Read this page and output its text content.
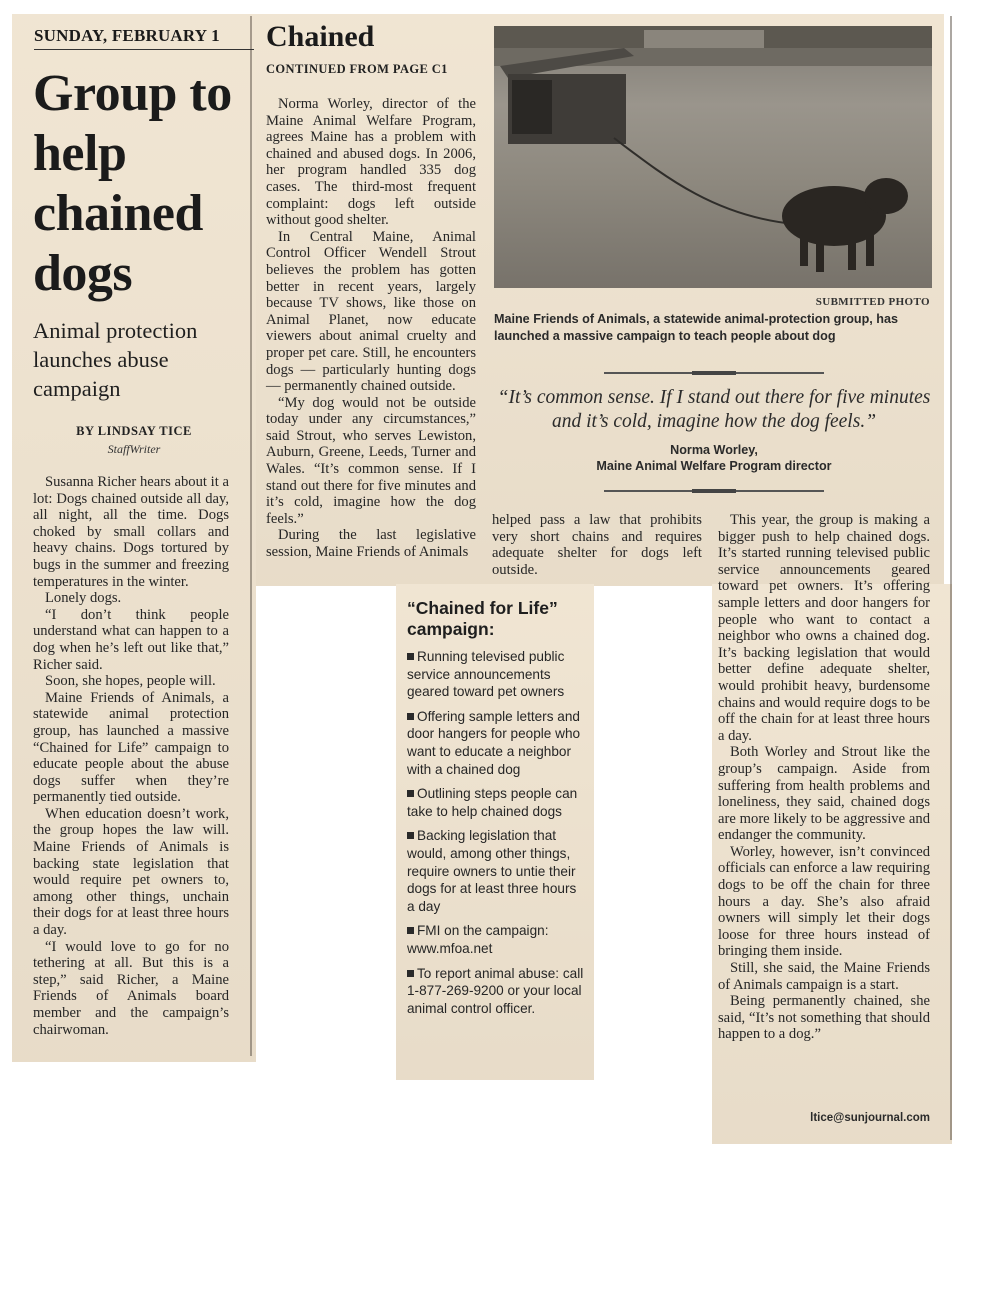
SUNDAY, FEBRUARY 1
Group to help chained dogs
Animal protection launches abuse campaign
BY LINDSAY TICE
StaffWriter

Susanna Richer hears about it a lot: Dogs chained outside all day, all night, all the time. Dogs choked by small collars and heavy chains. Dogs tortured by bugs in the summer and freezing temperatures in the winter.

Lonely dogs.

“I don’t think people understand what can happen to a dog when he’s left out like that,” Richer said.

Soon, she hopes, people will.

Maine Friends of Animals, a statewide animal protection group, has launched a massive “Chained for Life” campaign to educate people about the abuse dogs suffer when they’re permanently tied outside.

When education doesn’t work, the group hopes the law will. Maine Friends of Animals is backing state legislation that would require pet owners to, among other things, unchain their dogs for at least three hours a day.

“I would love to go for no tethering at all. But this is a step,” said Richer, a Maine Friends of Animals board member and the campaign’s chairwoman.

Chained
CONTINUED FROM PAGE C1

Norma Worley, director of the Maine Animal Welfare Program, agrees Maine has a problem with chained and abused dogs. In 2006, her program handled 335 dog cases. The third-most frequent complaint: dogs left outside without good shelter.

In Central Maine, Animal Control Officer Wendell Strout believes the problem has gotten better in recent years, largely because TV shows, like those on Animal Planet, now educate viewers about animal cruelty and proper pet care. Still, he encounters dogs — particularly hunting dogs — permanently chained outside.

“My dog would not be outside today under any circumstances,” said Strout, who serves Lewiston, Auburn, Greene, Leeds, Turner and Wales. “It’s common sense. If I stand out there for five minutes and it’s cold, imagine how the dog feels.”

During the last legislative session, Maine Friends of Animals

SUBMITTED PHOTO
Maine Friends of Animals, a statewide animal-protection group, has launched a massive campaign to teach people about dog
“It’s common sense. If I stand out there for five minutes and it’s cold, imagine how the dog feels.”
Norma Worley,
Maine Animal Welfare Program director

helped pass a law that prohibits very short chains and requires adequate shelter for dogs left outside.

This year, the group is making a bigger push to help chained dogs. It’s started running televised public service announcements geared toward pet owners. It’s offering sample letters and door hangers for people who want to contact a neighbor who owns a chained dog. It’s backing legislation that would better define adequate shelter, would prohibit heavy, burdensome chains and would require dogs to be off the chain for at least three hours a day.

Both Worley and Strout like the group’s campaign. Aside from suffering from health problems and loneliness, they said, chained dogs are more likely to be aggressive and endanger the community.

Worley, however, isn’t convinced officials can enforce a law requiring dogs to be off the chain for three hours a day. She’s also afraid owners will simply let their dogs loose for three hours instead of bringing them inside.

Still, she said, the Maine Friends of Animals campaign is a start.

Being permanently chained, she said, “It’s not something that should happen to a dog.”

ltice@sunjournal.com
“Chained for Life” campaign:
Running televised public service announcements geared toward pet owners
Offering sample letters and door hangers for people who want to educate a neighbor with a chained dog
Outlining steps people can take to help chained dogs
Backing legislation that would, among other things, require owners to untie their dogs for at least three hours a day
FMI on the campaign: www.mfoa.net
To report animal abuse: call 1-877-269-9200 or your local animal control officer.
